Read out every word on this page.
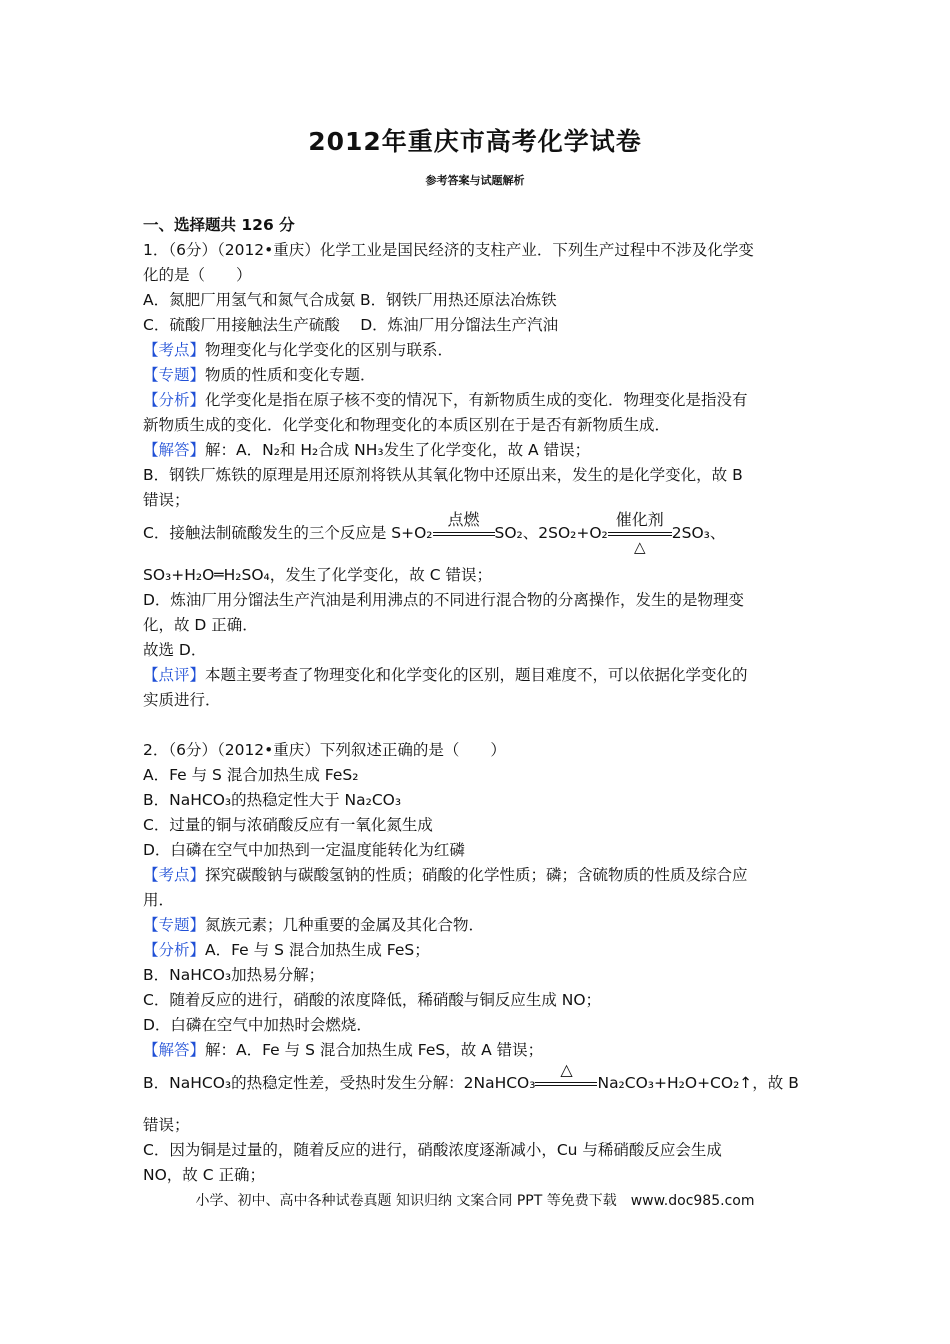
2012年重庆市高考化学试卷
参考答案与试题解析
一、选择题共 126 分
1．（6分）（2012•重庆）化学工业是国民经济的支柱产业．下列生产过程中不涉及化学变
化的是（　　）
A．氮肥厂用氢气和氮气合成氨 B．钢铁厂用热还原法冶炼铁
C．硫酸厂用接触法生产硫酸　 D．炼油厂用分馏法生产汽油
【考点】物理变化与化学变化的区别与联系．
【专题】物质的性质和变化专题．
【分析】化学变化是指在原子核不变的情况下，有新物质生成的变化．物理变化是指没有
新物质生成的变化．化学变化和物理变化的本质区别在于是否有新物质生成．
【解答】解：A．N₂和 H₂合成 NH₃发生了化学变化，故 A 错误；
B．钢铁厂炼铁的原理是用还原剂将铁从其氧化物中还原出来，发生的是化学变化，故 B
错误；
C．接触法制硫酸发生的三个反应是 S+O₂
点燃
SO₂、2SO₂+O₂
催化剂
△
2SO₃、
SO₃+H₂O═H₂SO₄，发生了化学变化，故 C 错误；
D．炼油厂用分馏法生产汽油是利用沸点的不同进行混合物的分离操作，发生的是物理变
化，故 D 正确．
故选 D．
【点评】本题主要考查了物理变化和化学变化的区别，题目难度不，可以依据化学变化的
实质进行．
2．（6分）（2012•重庆）下列叙述正确的是（　　）
A．Fe 与 S 混合加热生成 FeS₂
B．NaHCO₃的热稳定性大于 Na₂CO₃
C．过量的铜与浓硝酸反应有一氧化氮生成
D．白磷在空气中加热到一定温度能转化为红磷
【考点】探究碳酸钠与碳酸氢钠的性质；硝酸的化学性质；磷；含硫物质的性质及综合应
用．
【专题】氮族元素；几种重要的金属及其化合物．
【分析】A．Fe 与 S 混合加热生成 FeS；
B．NaHCO₃加热易分解；
C．随着反应的进行，硝酸的浓度降低，稀硝酸与铜反应生成 NO；
D．白磷在空气中加热时会燃烧．
【解答】解：A．Fe 与 S 混合加热生成 FeS，故 A 错误；
B．NaHCO₃的热稳定性差，受热时发生分解：2NaHCO₃
△
Na₂CO₃+H₂O+CO₂↑，故 B
错误；
C．因为铜是过量的，随着反应的进行，硝酸浓度逐渐减小，Cu 与稀硝酸反应会生成
NO，故 C 正确；
小学、初中、高中各种试卷真题 知识归纳 文案合同 PPT 等免费下载　www.doc985.com
